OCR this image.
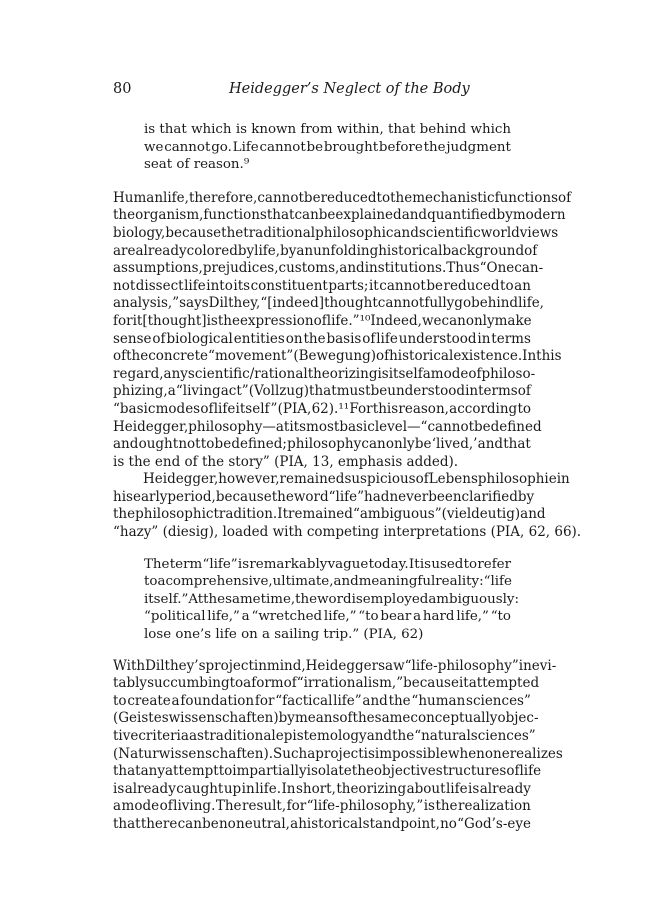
80	Heidegger’s Neglect of the Body
is that which is known from within, that behind which
we cannot go. Life cannot be brought before the judgment
seat of reason.⁹
Human life, therefore, cannot be reduced to the mechanistic functions of
the organism, functions that can be explained and quantified by modern
biology, because the traditional philosophic and scientific worldviews
are already colored by life, by an unfolding historical background of
assumptions, prejudices, customs, and institutions. Thus “One can-
not dissect life into its constituent parts; it cannot be reduced to an
analysis,” says Dilthey, “[indeed] thought cannot fully go behind life,
for it [thought] is the expression of life.”¹⁰ Indeed, we can only make
sense of biological entities on the basis of life understood in terms
of the concrete “movement” (Bewegung) of historical existence. In this
regard, any scientific/rational theorizing is itself a mode of philoso-
phizing, a “living act” (Vollzug) that must be understood in terms of
“basic modes of life itself” (PIA, 62).¹¹ For this reason, according to
Heidegger, philosophy—at its most basic level—“cannot be defined
and ought not to be defined; philosophy can only be ‘lived,’ and that
is the end of the story” (PIA, 13, emphasis added).
Heidegger, however, remained suspicious of Lebensphilosophie in
his early period, because the word “life” had never been clarified by
the philosophic tradition. It remained “ambiguous” (vieldeutig) and
“hazy” (diesig), loaded with competing interpretations (PIA, 62, 66).
The term “life” is remarkably vague today. It is used to refer
to a comprehensive, ultimate, and meaningful reality: “life
itself.” At the same time, the word is employed ambiguously:
“political life,” a “wretched life,” “to bear a hard life,” “to
lose one’s life on a sailing trip.” (PIA, 62)
With Dilthey’s project in mind, Heidegger saw “life-philosophy” inevi-
tably succumbing to a form of “irrationalism,” because it attempted
to create a foundation for “factical life” and the “human sciences”
(Geisteswissenschaften) by means of the same conceptually objec-
tive criteria as traditional epistemology and the “natural sciences”
(Naturwissenschaften). Such a project is impossible when one realizes
that any attempt to impartially isolate the objective structures of life
is already caught up in life. In short, theorizing about life is already
a mode of living. The result, for “life-philosophy,” is the realization
that there can be no neutral, ahistorical standpoint, no “God’s-eye
